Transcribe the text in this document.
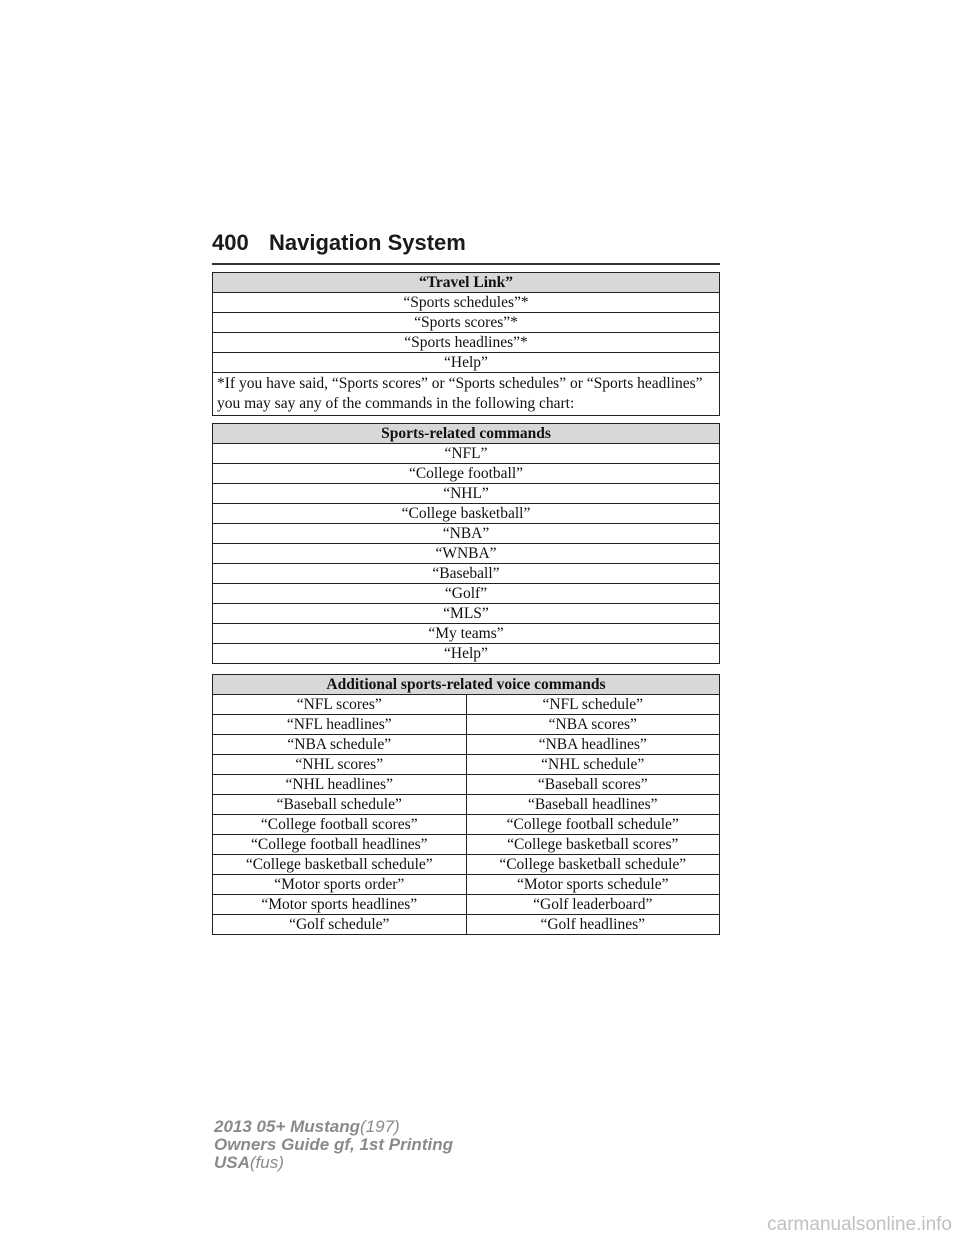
400 Navigation System
“Travel Link”
“Sports schedules”*
“Sports scores”*
“Sports headlines”*
“Help”
*If you have said, “Sports scores” or “Sports schedules” or “Sports headlines” you may say any of the commands in the following chart:
Sports-related commands
“NFL”
“College football”
“NHL”
“College basketball”
“NBA”
“WNBA”
“Baseball”
“Golf”
“MLS”
“My teams”
“Help”
Additional sports-related voice commands	
“NFL scores”	“NFL schedule”
“NFL headlines”	“NBA scores”
“NBA schedule”	“NBA headlines”
“NHL scores”	“NHL schedule”
“NHL headlines”	“Baseball scores”
“Baseball schedule”	“Baseball headlines”
“College football scores”	“College football schedule”
“College football headlines”	“College basketball scores”
“College basketball schedule”	“College basketball schedule”
“Motor sports order”	“Motor sports schedule”
“Motor sports headlines”	“Golf leaderboard”
“Golf schedule”	“Golf headlines”
2013 05+ Mustang(197)
Owners Guide gf, 1st Printing
USA(fus)
carmanualsonline.info
